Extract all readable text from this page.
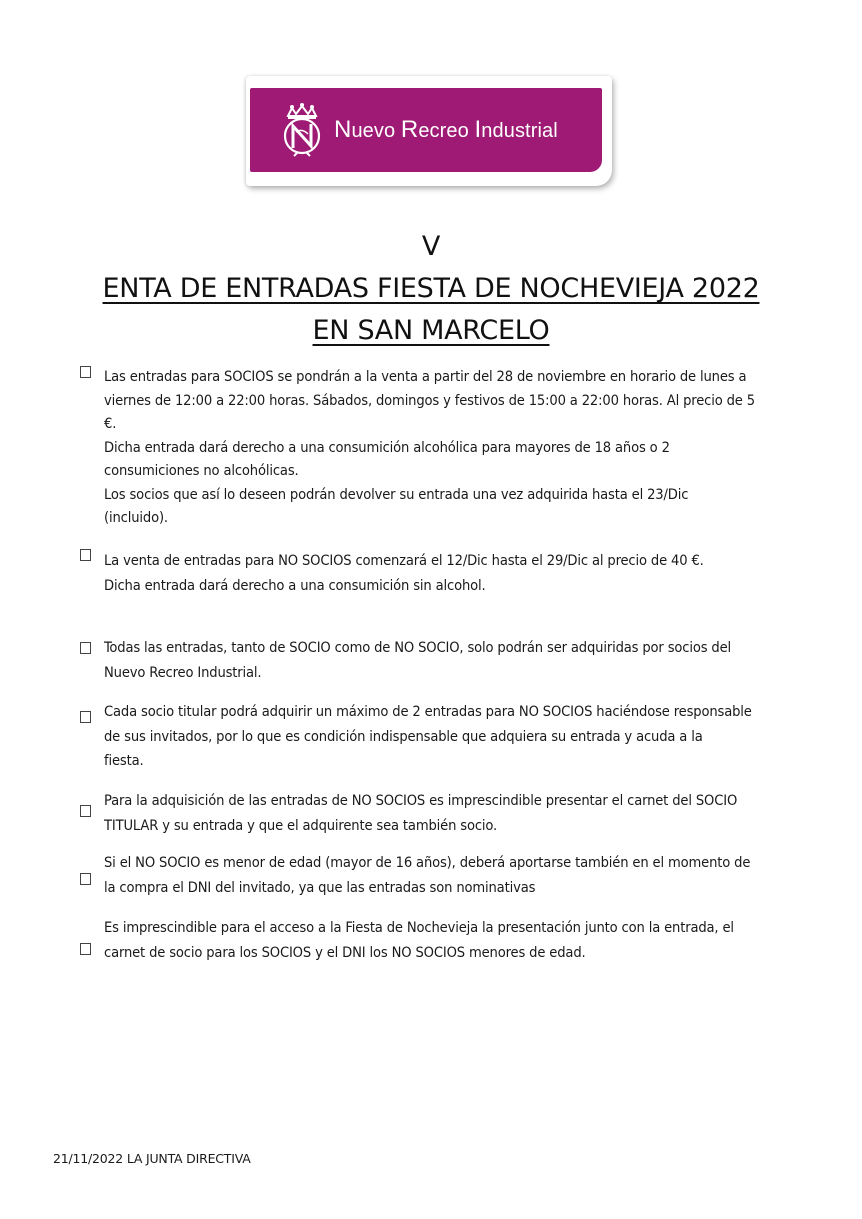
Nuevo Recreo Industrial
V
ENTA DE ENTRADAS FIESTA DE NOCHEVIEJA 2022
EN SAN MARCELO

Las entradas para SOCIOS se pondrán a la venta a partir del 28 de noviembre en horario de lunes a

viernes de 12:00 a 22:00 horas. Sábados, domingos y festivos de 15:00 a 22:00 horas. Al precio de 5

€.

Dicha entrada dará derecho a una consumición alcohólica para mayores de 18 años o 2

consumiciones no alcohólicas.

Los socios que así lo deseen podrán devolver su entrada una vez adquirida hasta el 23/Dic

(incluido).

La venta de entradas para NO SOCIOS comenzará el 12/Dic hasta el 29/Dic al precio de 40 €.

Dicha entrada dará derecho a una consumición sin alcohol.

Todas las entradas, tanto de SOCIO como de NO SOCIO, solo podrán ser adquiridas por socios del

Nuevo Recreo Industrial.

Cada socio titular podrá adquirir un máximo de 2 entradas para NO SOCIOS haciéndose responsable

de sus invitados, por lo que es condición indispensable que adquiera su entrada y acuda a la

fiesta.

Para la adquisición de las entradas de NO SOCIOS es imprescindible presentar el carnet del SOCIO

TITULAR y su entrada y que el adquirente sea también socio.

Si el NO SOCIO es menor de edad (mayor de 16 años), deberá aportarse también en el momento de

la compra el DNI del invitado, ya que las entradas son nominativas

Es imprescindible para el acceso a la Fiesta de Nochevieja la presentación junto con la entrada, el

carnet de socio para los SOCIOS y el DNI los NO SOCIOS menores de edad.

21/11/2022 LA JUNTA DIRECTIVA
